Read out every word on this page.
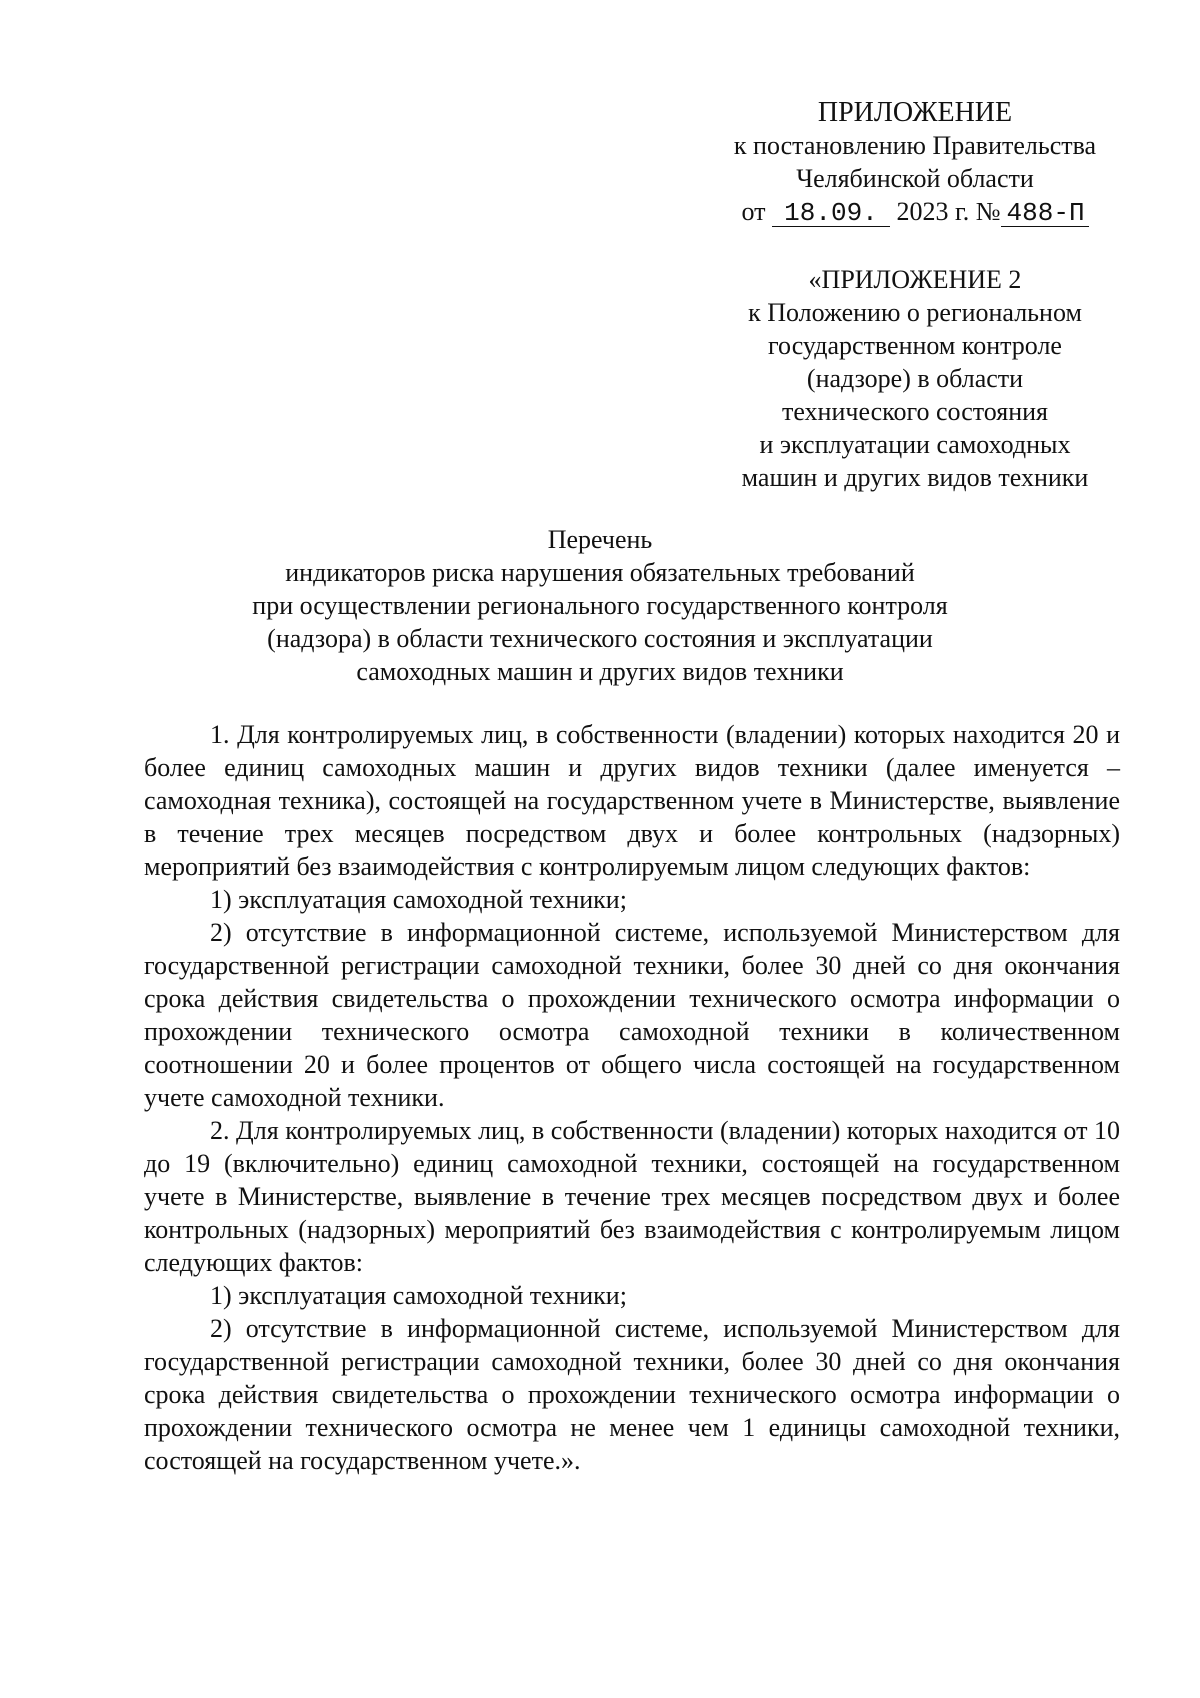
ПРИЛОЖЕНИЕ
к постановлению Правительства
Челябинской области
от 18.09. 2023 г. № 488-П
«ПРИЛОЖЕНИЕ 2
к Положению о региональном
государственном контроле
(надзоре) в области
технического состояния
и эксплуатации самоходных
машин и других видов техники
Перечень
индикаторов риска нарушения обязательных требований
при осуществлении регионального государственного контроля
(надзора) в области технического состояния и эксплуатации
самоходных машин и других видов техники

1. Для контролируемых лиц, в собственности (владении) которых находится 20 и более единиц самоходных машин и других видов техники (далее именуется – самоходная техника), состоящей на государственном учете в Министерстве, выявление в течение трех месяцев посредством двух и более контрольных (надзорных) мероприятий без взаимодействия с контролируемым лицом следующих фактов:

1) эксплуатация самоходной техники;

2) отсутствие в информационной системе, используемой Министерством для государственной регистрации самоходной техники, более 30 дней со дня окончания срока действия свидетельства о прохождении технического осмотра информации о прохождении технического осмотра самоходной техники в количественном соотношении 20 и более процентов от общего числа состоящей на государственном учете самоходной техники.

2. Для контролируемых лиц, в собственности (владении) которых находится от 10 до 19 (включительно) единиц самоходной техники, состоящей на государственном учете в Министерстве, выявление в течение трех месяцев посредством двух и более контрольных (надзорных) мероприятий без взаимодействия с контролируемым лицом следующих фактов:

1) эксплуатация самоходной техники;

2) отсутствие в информационной системе, используемой Министерством для государственной регистрации самоходной техники, более 30 дней со дня окончания срока действия свидетельства о прохождении технического осмотра информации о прохождении технического осмотра не менее чем 1 единицы самоходной техники, состоящей на государственном учете.».
